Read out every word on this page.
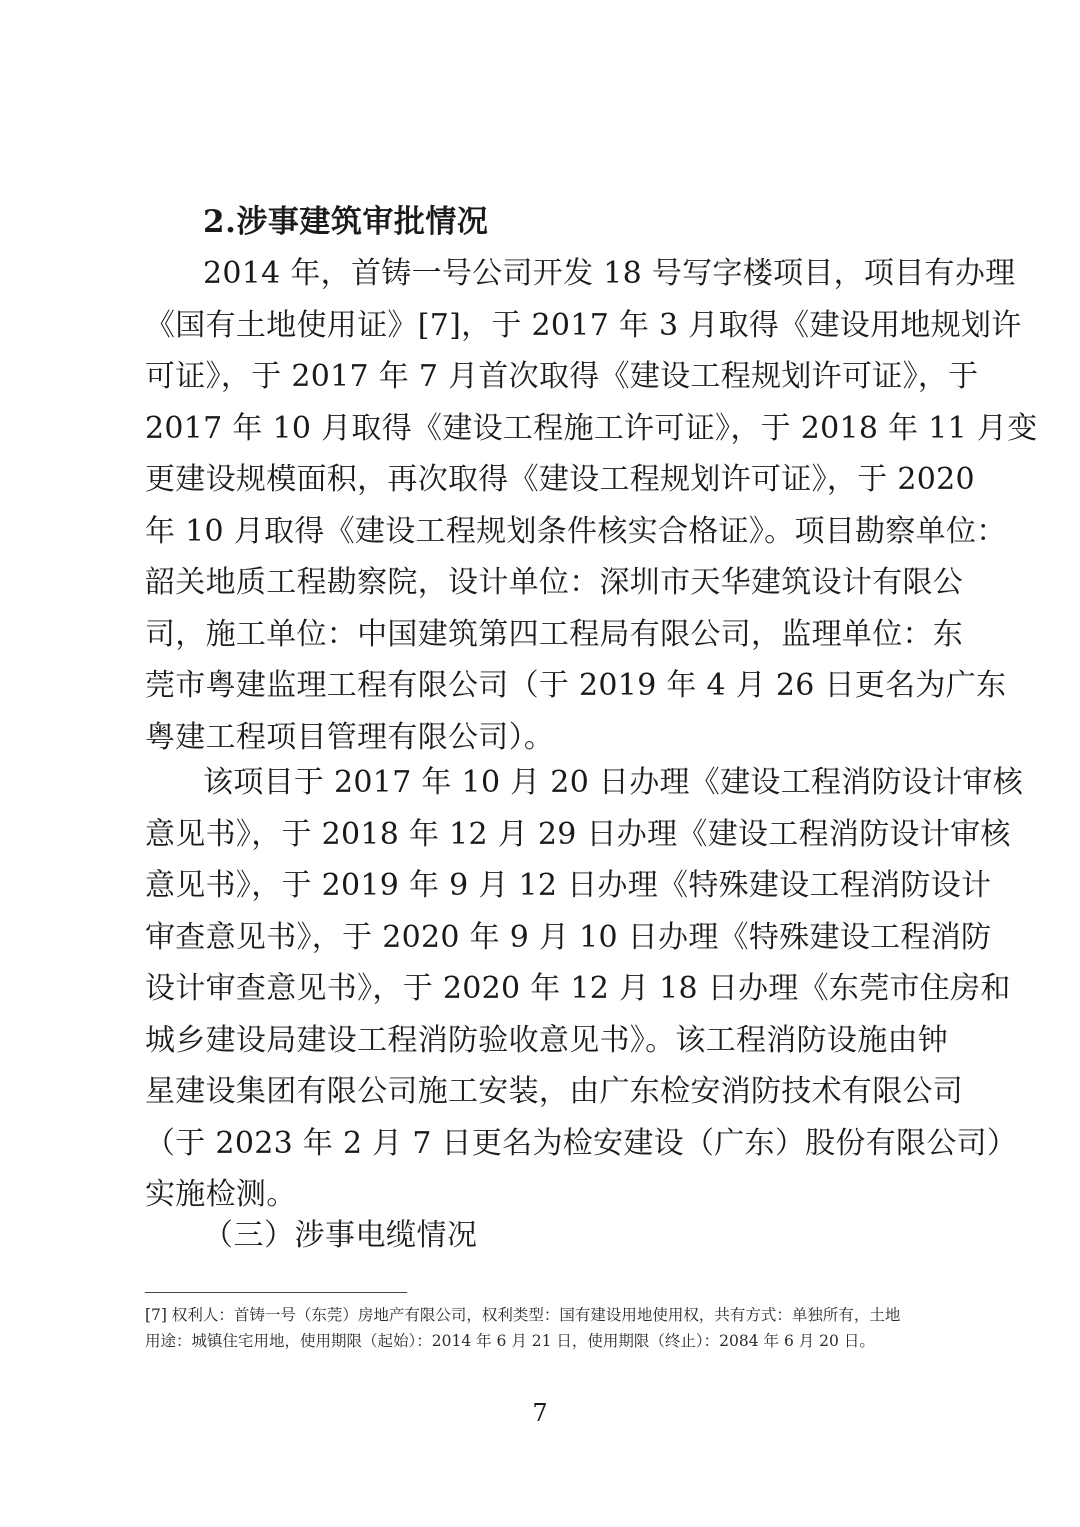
2.涉事建筑审批情况
2014 年，首铸一号公司开发 18 号写字楼项目，项目有办理
《国有土地使用证》[7]，于 2017 年 3 月取得《建设用地规划许
可证》，于 2017 年 7 月首次取得《建设工程规划许可证》，于
2017 年 10 月取得《建设工程施工许可证》，于 2018 年 11 月变
更建设规模面积，再次取得《建设工程规划许可证》，于 2020
年 10 月取得《建设工程规划条件核实合格证》。项目勘察单位：
韶关地质工程勘察院，设计单位：深圳市天华建筑设计有限公
司，施工单位：中国建筑第四工程局有限公司，监理单位：东
莞市粤建监理工程有限公司（于 2019 年 4 月 26 日更名为广东
粤建工程项目管理有限公司）。
该项目于 2017 年 10 月 20 日办理《建设工程消防设计审核
意见书》，于 2018 年 12 月 29 日办理《建设工程消防设计审核
意见书》，于 2019 年 9 月 12 日办理《特殊建设工程消防设计
审查意见书》，于 2020 年 9 月 10 日办理《特殊建设工程消防
设计审查意见书》，于 2020 年 12 月 18 日办理《东莞市住房和
城乡建设局建设工程消防验收意见书》。该工程消防设施由钟
星建设集团有限公司施工安装，由广东检安消防技术有限公司
（于 2023 年 2 月 7 日更名为检安建设（广东）股份有限公司）
实施检测。
（三）涉事电缆情况
[7] 权利人：首铸一号（东莞）房地产有限公司，权利类型：国有建设用地使用权，共有方式：单独所有，土地
用途：城镇住宅用地，使用期限（起始）：2014 年 6 月 21 日，使用期限（终止）：2084 年 6 月 20 日。
7
